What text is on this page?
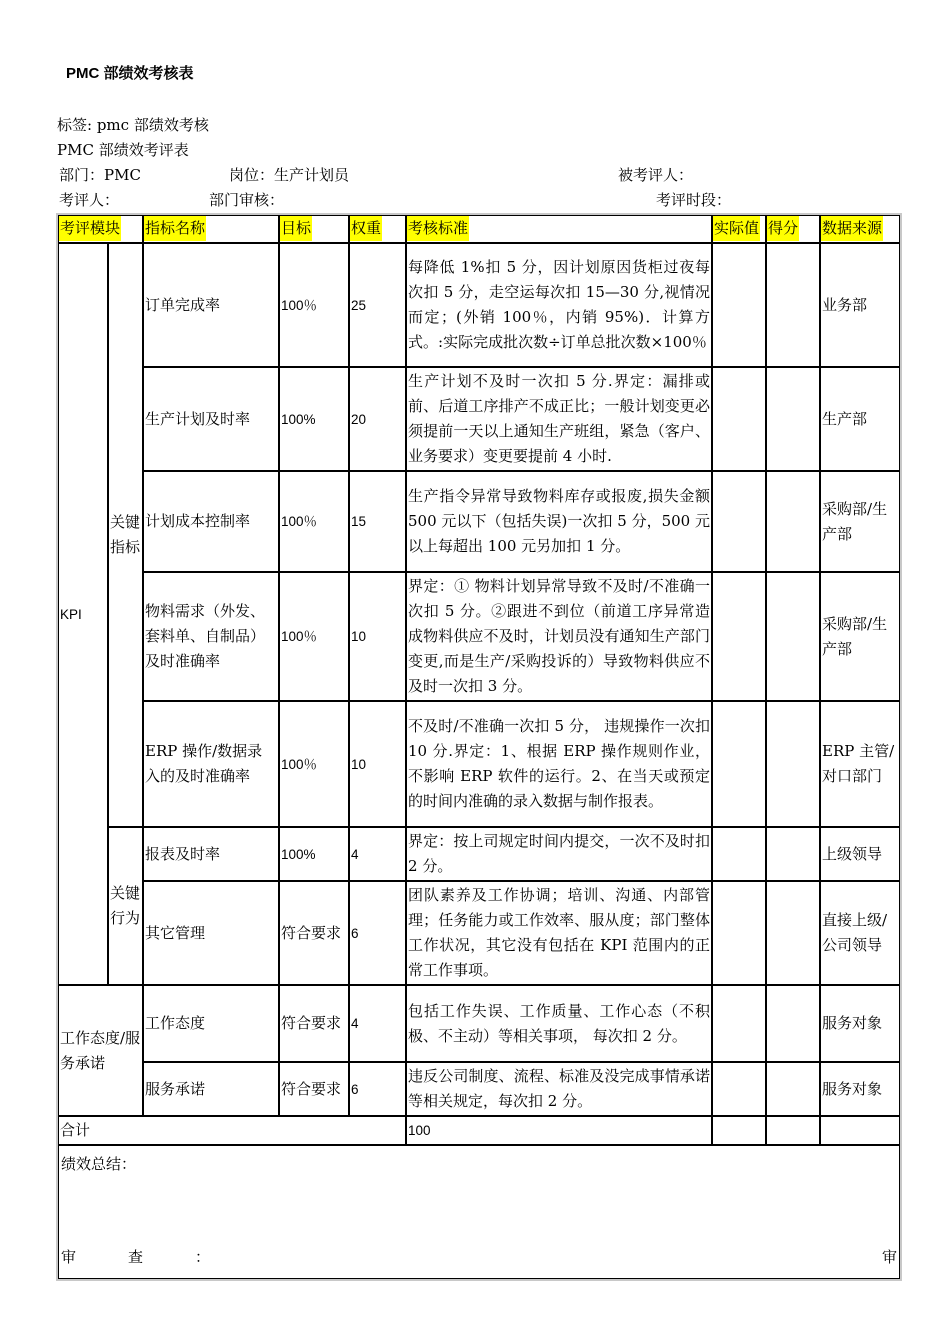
PMC 部绩效考核表
标签: pmc 部绩效考核
PMC 部绩效考评表
部门：PMC	岗位：生产计划员	被考评人：
考评人：	部门审核：	考评时段：
考评模块		指标名称	目标	权重	考核标准	实际值	得分	数据来源	
KPI	关键指标	订单完成率	100％	25	每降低 1%扣 5 分，因计划原因货柜过夜每次扣 5 分，走空运每次扣 15—30 分,视情况而定；(外销 100％，内销 95%)．计算方式。:实际完成批次数÷订单总批次数×100％			业务部	
		生产计划及时率	100%	20	生产计划不及时一次扣 5 分.界定：漏排或前、后道工序排产不成正比；一般计划变更必须提前一天以上通知生产班组，紧急（客户、业务要求）变更要提前 4 小时.			生产部	
		计划成本控制率	100％	15	生产指令异常导致物料库存或报废,损失金额 500 元以下（包括失误)一次扣 5 分，500 元以上每超出 100 元另加扣 1 分。			采购部/生产部	
		物料需求（外发、套料单、自制品）及时准确率	100％	10	界定：① 物料计划异常导致不及时/不准确一次扣 5 分。②跟进不到位（前道工序异常造成物料供应不及时，计划员没有通知生产部门变更,而是生产/采购投诉的）导致物料供应不及时一次扣 3 分。			采购部/生产部	
		ERP 操作/数据录入的及时准确率	100％	10	不及时/不准确一次扣 5 分， 违规操作一次扣 10 分.界定：1、根据 ERP 操作规则作业，不影响 ERP 软件的运行。2、在当天或预定的时间内准确的录入数据与制作报表。			ERP 主管/对口部门	
	关键行为	报表及时率	100%	4	界定：按上司规定时间内提交，一次不及时扣 2 分。			上级领导	
		其它管理	符合要求	6	团队素养及工作协调；培训、沟通、内部管理；任务能力或工作效率、服从度；部门整体工作状况，其它没有包括在 KPI 范围内的正常工作事项。			直接上级/公司领导	
工作态度/服务承诺		工作态度	符合要求	4	包括工作失误、工作质量、工作心态（不积极、不主动）等相关事项， 每次扣 2 分。			服务对象	
		服务承诺	符合要求	6	违反公司制度、流程、标准及没完成事情承诺等相关规定，每次扣 2 分。			服务对象	
合计					100				

绩效总结：
审 查 ： 审									
